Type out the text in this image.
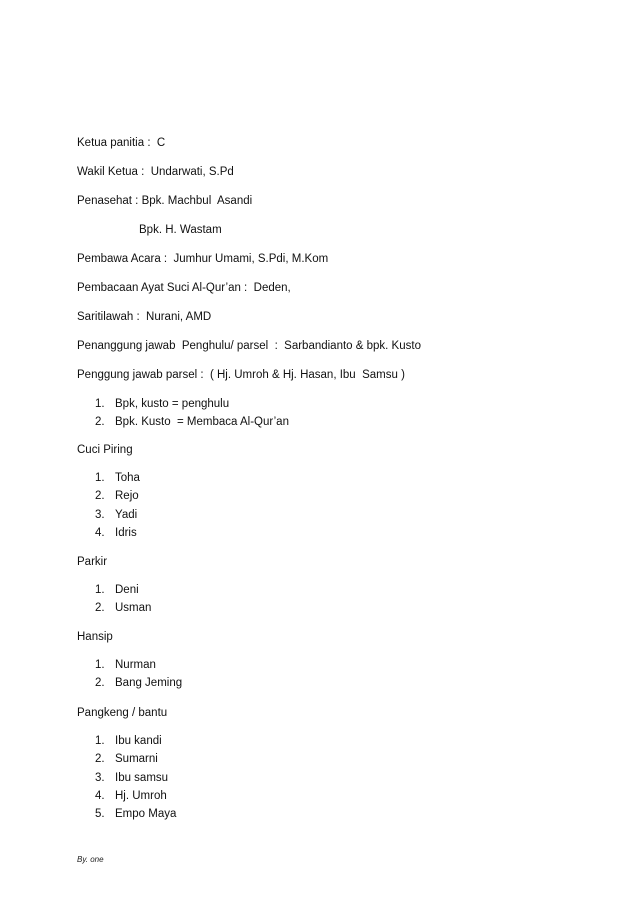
Ketua panitia :  C
Wakil Ketua :  Undarwati, S.Pd
Penasehat : Bpk. Machbul  Asandi
Bpk. H. Wastam
Pembawa Acara :  Jumhur Umami, S.Pdi, M.Kom
Pembacaan Ayat Suci Al-Qur’an :  Deden,
Saritilawah :  Nurani, AMD
Penanggung jawab  Penghulu/ parsel  :  Sarbandianto & bpk. Kusto
Penggung jawab parsel :  ( Hj. Umroh & Hj. Hasan, Ibu  Samsu )
1. Bpk, kusto = penghulu
2. Bpk. Kusto  = Membaca Al-Qur’an
Cuci Piring
1. Toha
2. Rejo
3. Yadi
4. Idris
Parkir
1. Deni
2. Usman
Hansip
1. Nurman
2. Bang Jeming
Pangkeng / bantu
1. Ibu kandi
2. Sumarni
3. Ibu samsu
4. Hj. Umroh
5. Empo Maya
By. one
